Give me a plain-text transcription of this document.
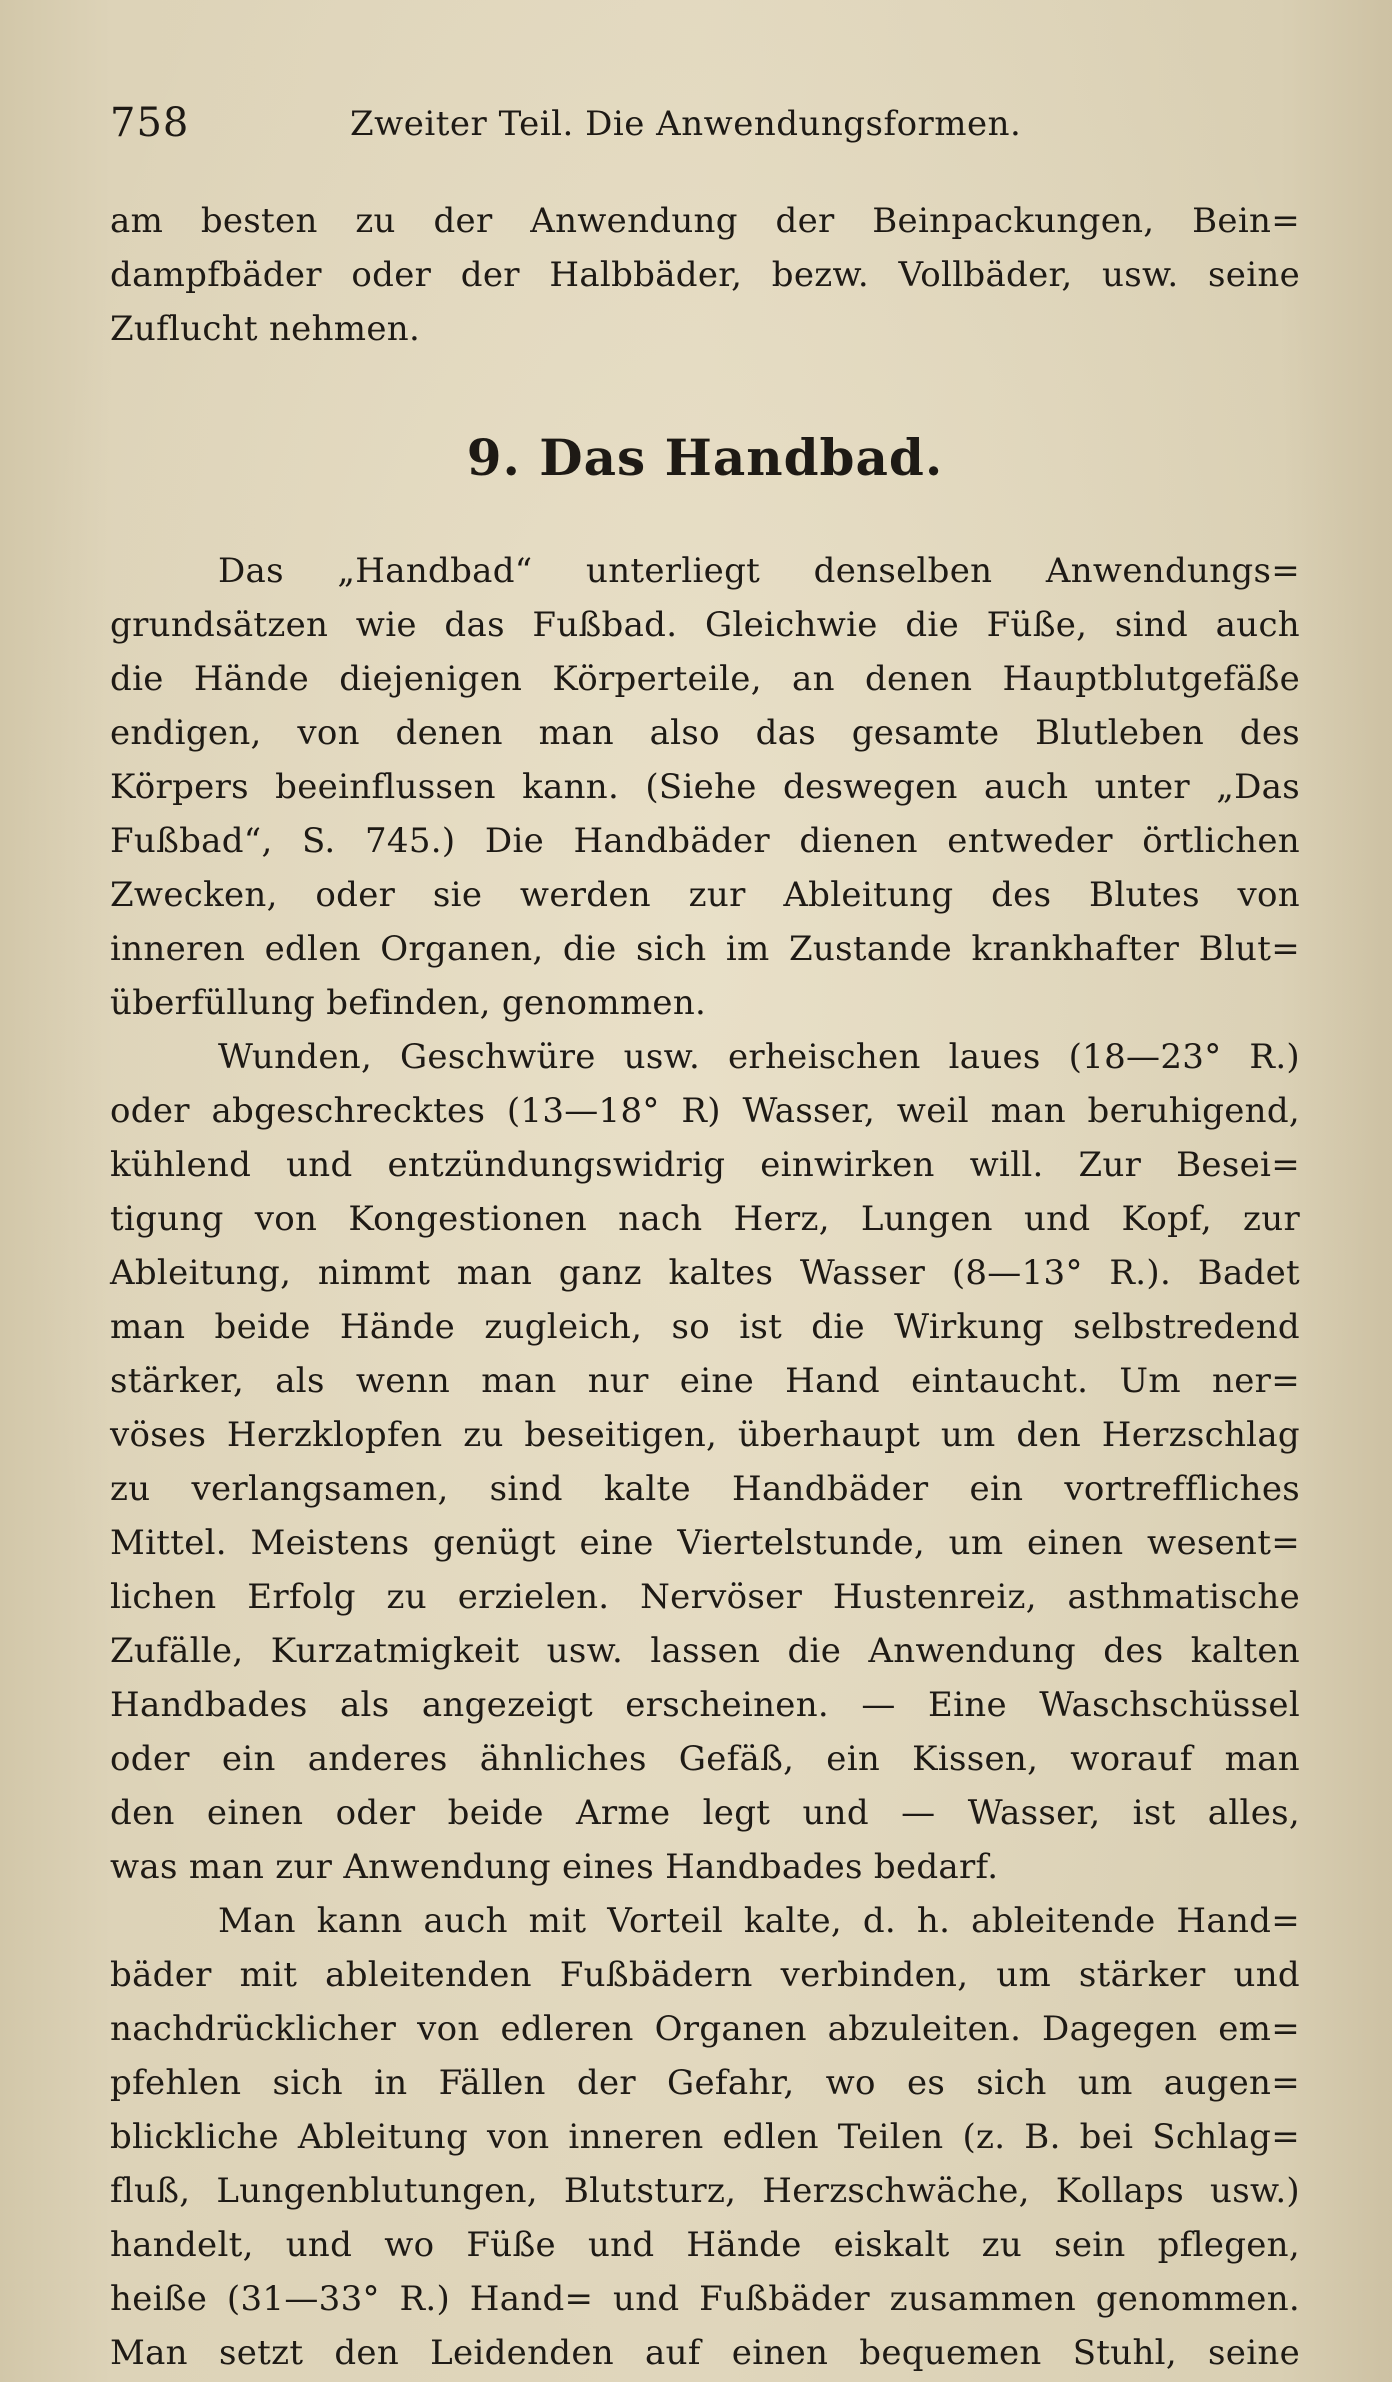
758	Zweiter Teil. Die Anwendungsformen.
am besten zu der Anwendung der Beinpackungen, Bein=
dampfbäder oder der Halbbäder, bezw. Vollbäder, usw. seine
Zuflucht nehmen.
9. Das Handbad.
Das „Handbad“ unterliegt denselben Anwendungs=
grundsätzen wie das Fußbad. Gleichwie die Füße, sind auch
die Hände diejenigen Körperteile, an denen Hauptblutgefäße
endigen, von denen man also das gesamte Blutleben des
Körpers beeinflussen kann. (Siehe deswegen auch unter „Das
Fußbad“, S. 745.) Die Handbäder dienen entweder örtlichen
Zwecken, oder sie werden zur Ableitung des Blutes von
inneren edlen Organen, die sich im Zustande krankhafter Blut=
überfüllung befinden, genommen.
Wunden, Geschwüre usw. erheischen laues (18—23° R.)
oder abgeschrecktes (13—18° R) Wasser, weil man beruhigend,
kühlend und entzündungswidrig einwirken will. Zur Besei=
tigung von Kongestionen nach Herz, Lungen und Kopf, zur
Ableitung, nimmt man ganz kaltes Wasser (8—13° R.). Badet
man beide Hände zugleich, so ist die Wirkung selbstredend
stärker, als wenn man nur eine Hand eintaucht. Um ner=
vöses Herzklopfen zu beseitigen, überhaupt um den Herzschlag
zu verlangsamen, sind kalte Handbäder ein vortreffliches
Mittel. Meistens genügt eine Viertelstunde, um einen wesent=
lichen Erfolg zu erzielen. Nervöser Hustenreiz, asthmatische
Zufälle, Kurzatmigkeit usw. lassen die Anwendung des kalten
Handbades als angezeigt erscheinen. — Eine Waschschüssel
oder ein anderes ähnliches Gefäß, ein Kissen, worauf man
den einen oder beide Arme legt und — Wasser, ist alles,
was man zur Anwendung eines Handbades bedarf.
Man kann auch mit Vorteil kalte, d. h. ableitende Hand=
bäder mit ableitenden Fußbädern verbinden, um stärker und
nachdrücklicher von edleren Organen abzuleiten. Dagegen em=
pfehlen sich in Fällen der Gefahr, wo es sich um augen=
blickliche Ableitung von inneren edlen Teilen (z. B. bei Schlag=
fluß, Lungenblutungen, Blutsturz, Herzschwäche, Kollaps usw.)
handelt, und wo Füße und Hände eiskalt zu sein pflegen,
heiße (31—33° R.) Hand= und Fußbäder zusammen genommen.
Man setzt den Leidenden auf einen bequemen Stuhl, seine
